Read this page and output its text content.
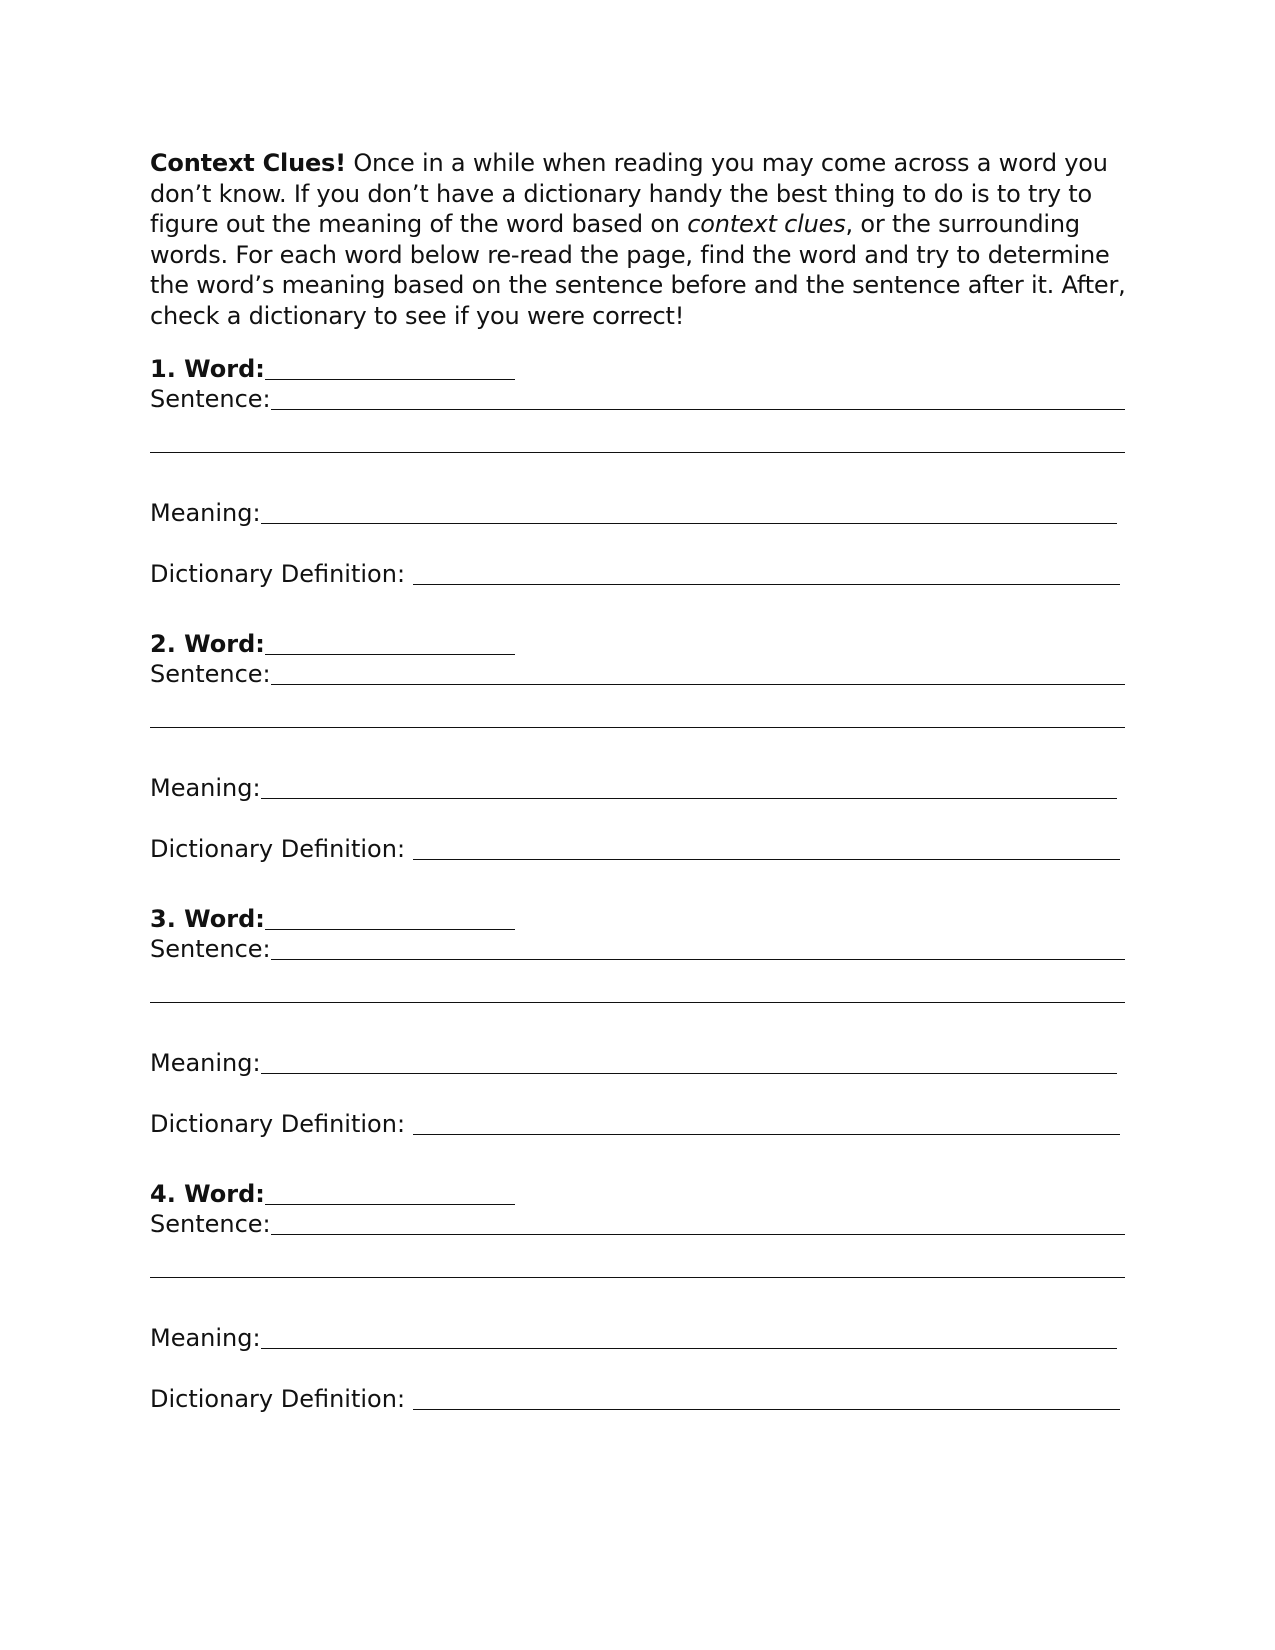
Context Clues! Once in a while when reading you may come across a word you don’t know. If you don’t have a dictionary handy the best thing to do is to try to figure out the meaning of the word based on context clues, or the surrounding words. For each word below re-read the page, find the word and try to determine the word’s meaning based on the sentence before and the sentence after it. After, check a dictionary to see if you were correct!

1. Word:
Sentence:
Meaning:
Dictionary Definition:
2. Word:
Sentence:
Meaning:
Dictionary Definition:
3. Word:
Sentence:
Meaning:
Dictionary Definition:
4. Word:
Sentence:
Meaning:
Dictionary Definition:
